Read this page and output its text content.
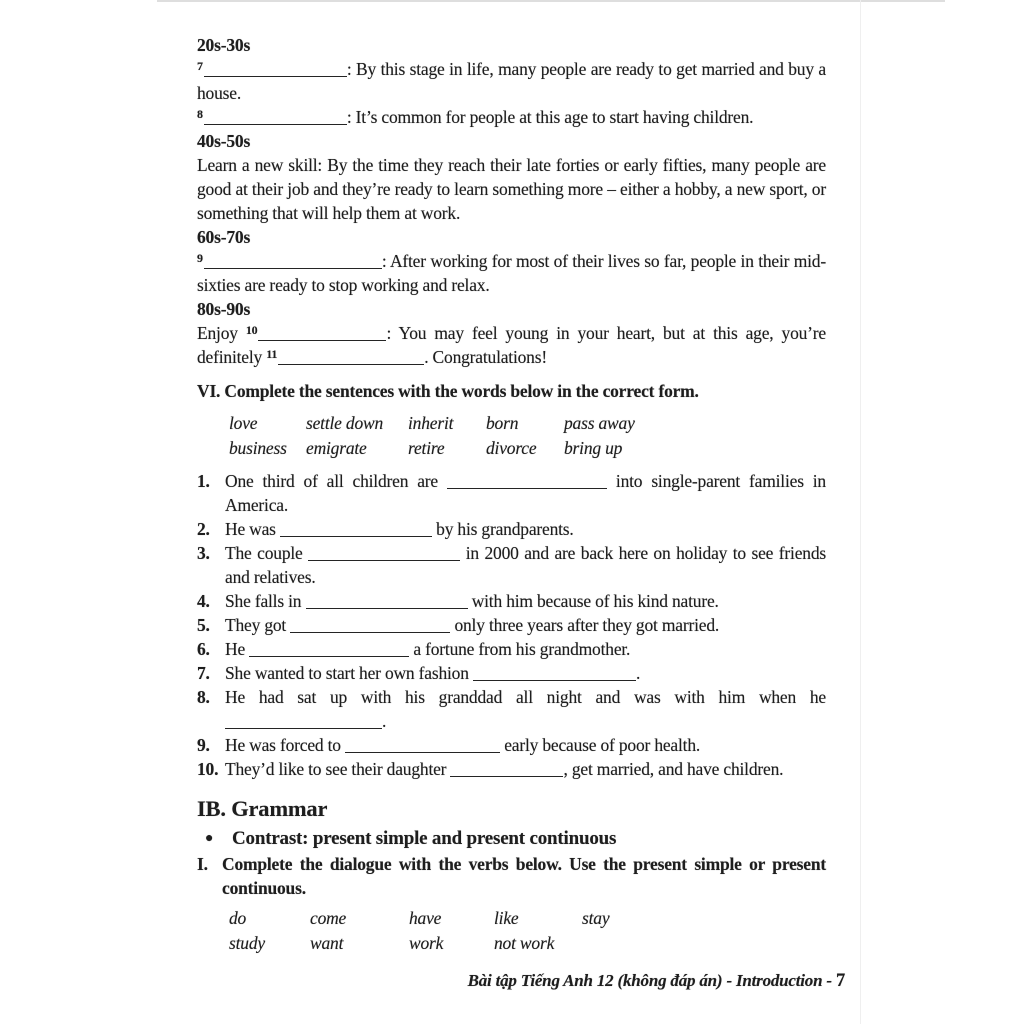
20s-30s
$^7$	: By this stage in life, many people are ready to get married and buy a house.
$^8$	: It’s common for people at this age to start having children.
40s-50s
Learn a new skill: By the time they reach their late forties or early fifties, many people are good at their job and they’re ready to learn something more – either a hobby, a new sport, or something that will help them at work.
60s-70s
$^9$	: After working for most of their lives so far, people in their mid-sixties are ready to stop working and relax.
80s-90s
Enjoy $^{10}$	: You may feel young in your heart, but at this age, you’re definitely $^{11}$	. Congratulations!
VI. Complete the sentences with the words below in the correct form.
love	settle down	inherit	born	pass away
business	emigrate	retire	divorce	bring up
1. One third of all children are	into single-parent families in America.
2. He was	by his grandparents.
3. The couple	in 2000 and are back here on holiday to see friends and relatives.
4. She falls in	with him because of his kind nature.
5. They got	only three years after they got married.
6. He	a fortune from his grandmother.
7. She wanted to start her own fashion	.
8. He had sat up with his granddad all night and was with him when he .
9. He was forced to	early because of poor health.
10. They’d like to see their daughter	, get married, and have children.
IB. Grammar
● Contrast: present simple and present continuous
I. Complete the dialogue with the verbs below. Use the present simple or present continuous.
do	come	have	like	stay
study	want	work	not work
Bài tập Tiếng Anh 12 (không đáp án) - Introduction - 7
